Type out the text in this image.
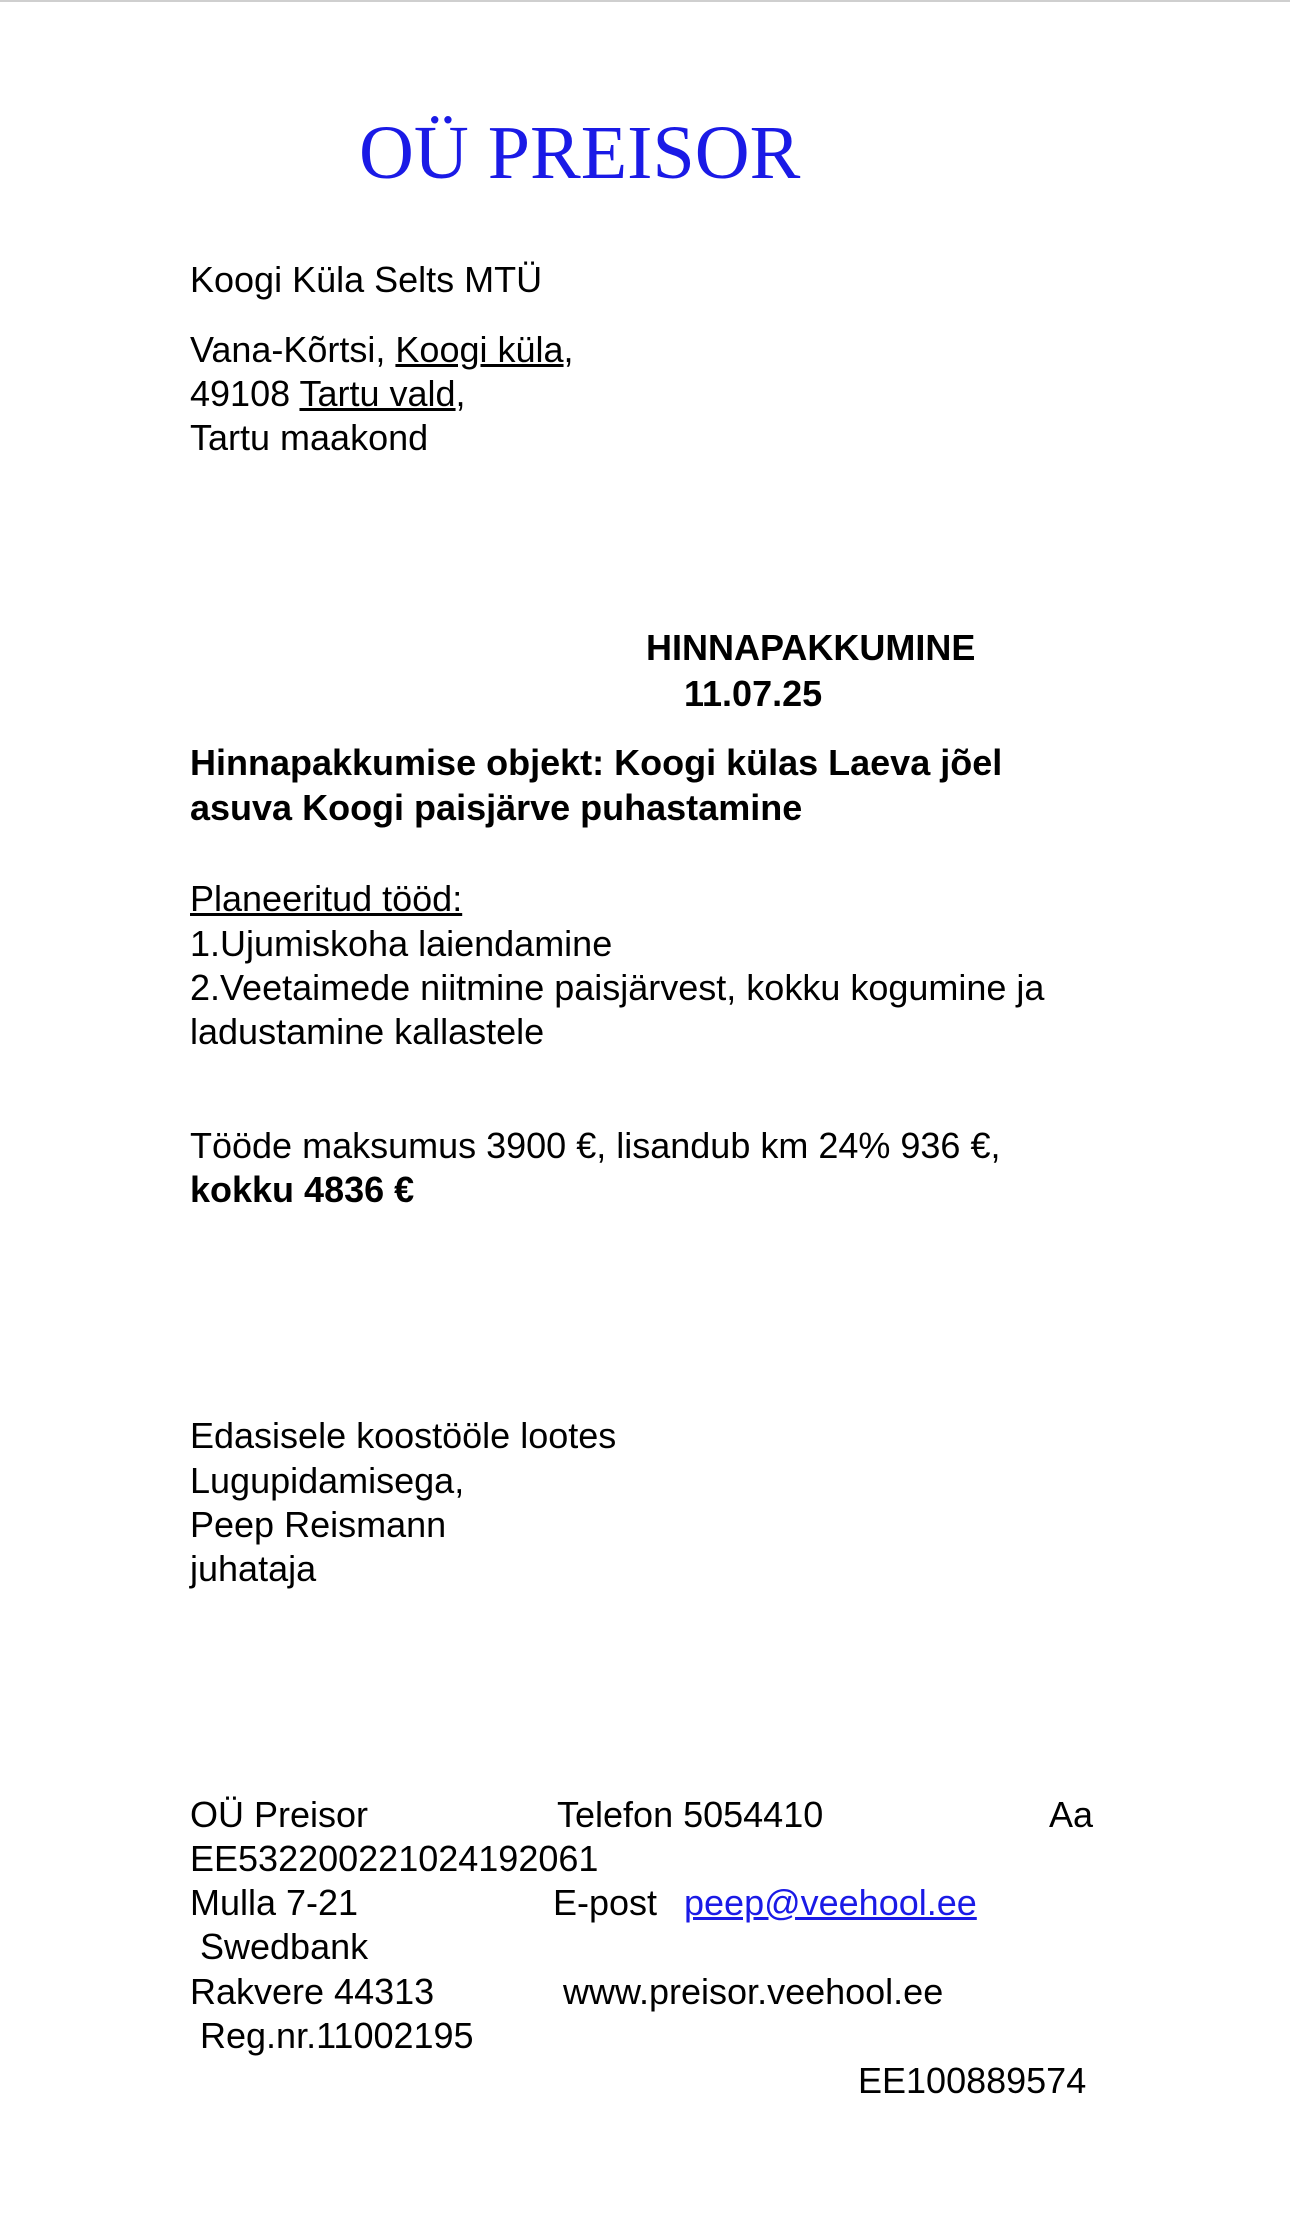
OÜ PREISOR
Koogi Küla Selts MTÜ
Vana-Kõrtsi, Koogi küla,
49108 Tartu vald,
Tartu maakond
HINNAPAKKUMINE
11.07.25
Hinnapakkumise objekt: Koogi külas Laeva jõel
asuva Koogi paisjärve puhastamine
Planeeritud tööd:
1.Ujumiskoha laiendamine
2.Veetaimede niitmine paisjärvest, kokku kogumine ja
ladustamine kallastele
Tööde maksumus 3900 €, lisandub km 24% 936 €,
kokku 4836 €
Edasisele koostööle lootes
Lugupidamisega,
Peep Reismann
juhataja
OÜ Preisor	Telefon 5054410	Aa
EE532200221024192061
Mulla 7-21	E-post peep@veehool.ee
Swedbank
Rakvere 44313	www.preisor.veehool.ee
Reg.nr.11002195
EE100889574
